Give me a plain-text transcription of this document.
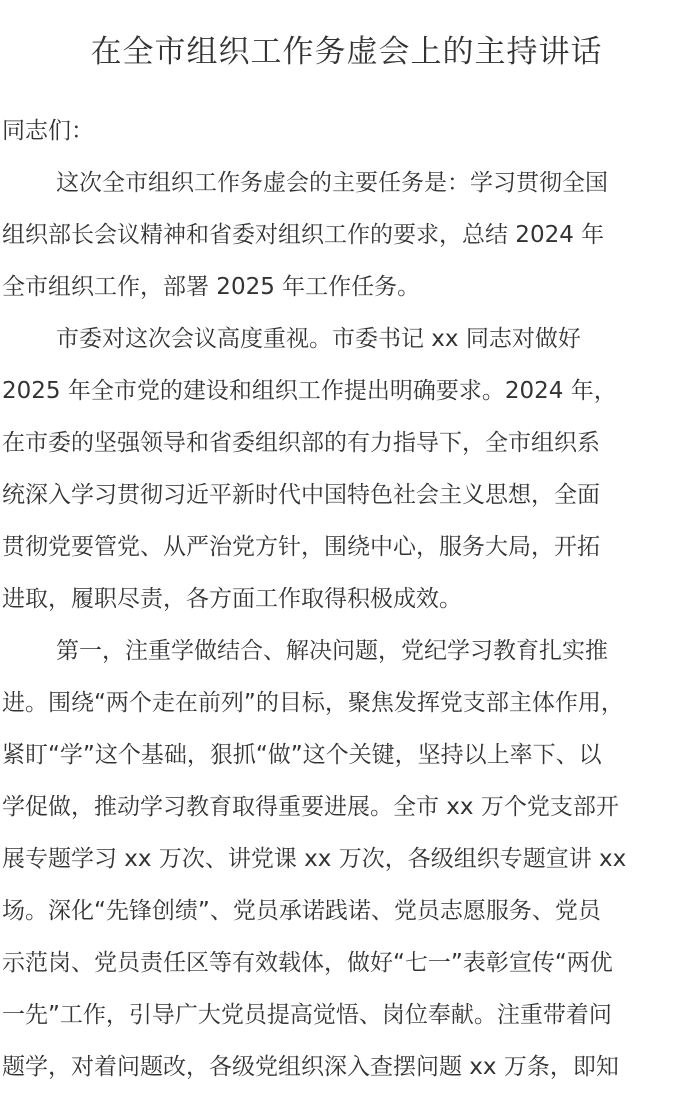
在全市组织工作务虚会上的主持讲话
同志们：
这次全市组织工作务虚会的主要任务是：学习贯彻全国
组织部长会议精神和省委对组织工作的要求，总结 2024 年
全市组织工作，部署 2025 年工作任务。
市委对这次会议高度重视。市委书记 xx 同志对做好
2025 年全市党的建设和组织工作提出明确要求。2024 年，
在市委的坚强领导和省委组织部的有力指导下，全市组织系
统深入学习贯彻习近平新时代中国特色社会主义思想，全面
贯彻党要管党、从严治党方针，围绕中心，服务大局，开拓
进取，履职尽责，各方面工作取得积极成效。
第一，注重学做结合、解决问题，党纪学习教育扎实推
进。围绕“两个走在前列”的目标，聚焦发挥党支部主体作用，
紧盯“学”这个基础，狠抓“做”这个关键，坚持以上率下、以
学促做，推动学习教育取得重要进展。全市 xx 万个党支部开
展专题学习 xx 万次、讲党课 xx 万次，各级组织专题宣讲 xx
场。深化“先锋创绩”、党员承诺践诺、党员志愿服务、党员
示范岗、党员责任区等有效载体，做好“七一”表彰宣传“两优
一先”工作，引导广大党员提高觉悟、岗位奉献。注重带着问
题学，对着问题改，各级党组织深入查摆问题 xx 万条，即知
